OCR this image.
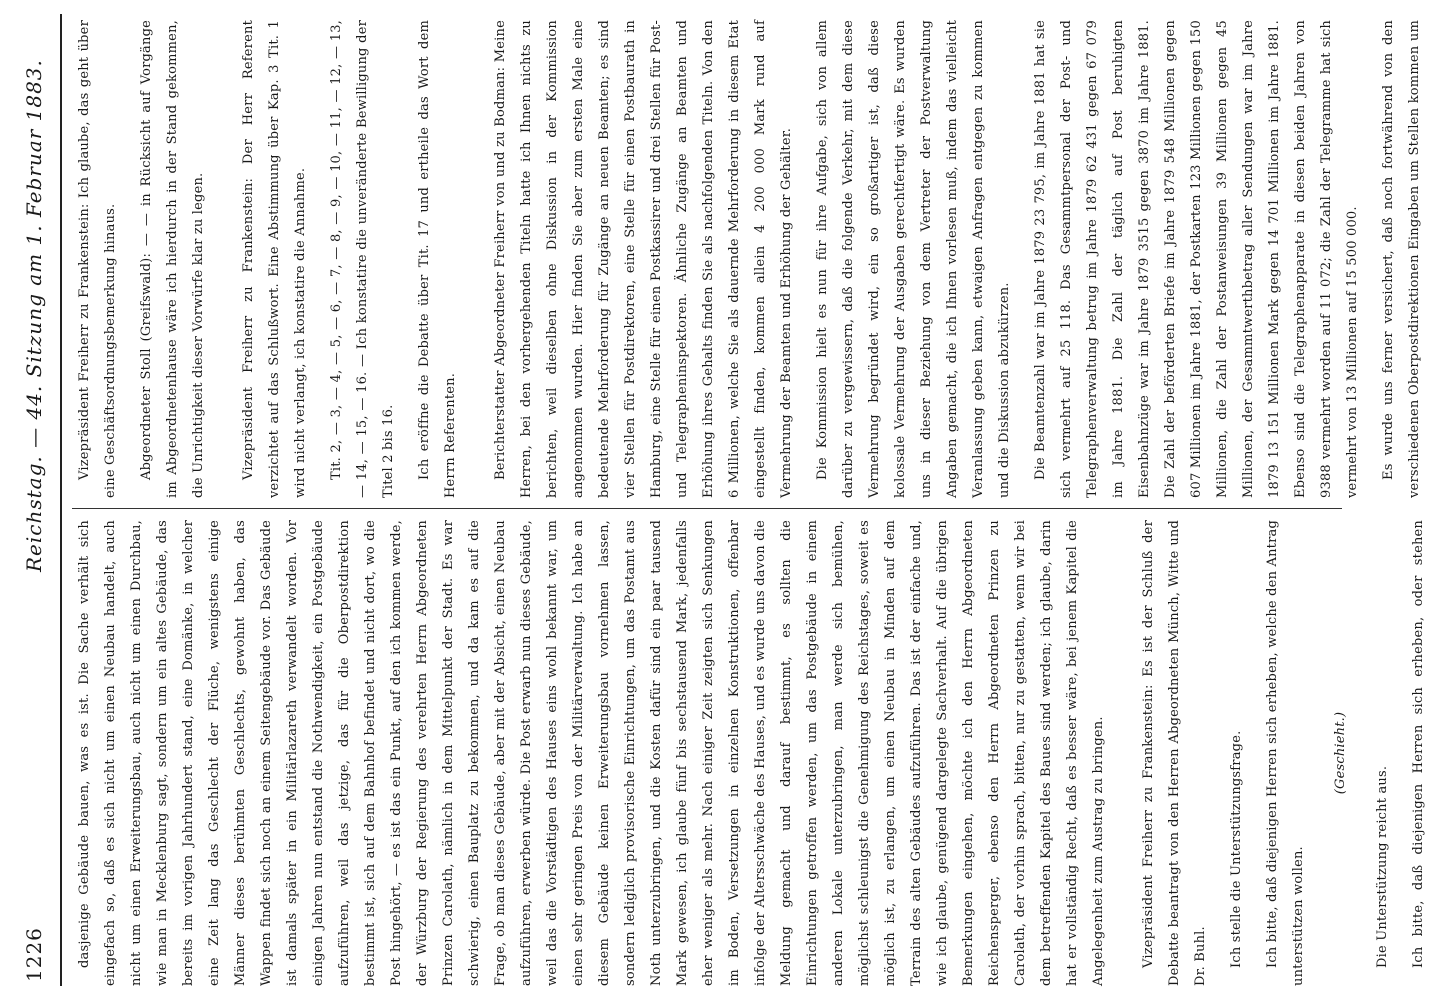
1226
Reichstag. — 44. Sitzung am 1. Februar 1883.

dasjenige Gebäude bauen, was es ist. Die Sache verhält sich eingefach so, daß es sich nicht um einen Neubau handelt, auch nicht um einen Erweiterungsbau, auch nicht um einen Durchbau, wie man in Mecklenburg sagt, sondern um ein altes Gebäude, das bereits im vorigen Jahrhundert stand, eine Domänke, in welcher eine Zeit lang das Geschlecht der Flüche, wenigstens einige Männer dieses berühmten Geschlechts, gewohnt haben, das Wappen findet sich noch an einem Seitengebäude vor. Das Gebäude ist damals später in ein Militärlazareth verwandelt worden. Vor einigen Jahren nun entstand die Nothwendigkeit, ein Postgebäude aufzuführen, weil das jetzige, das für die Oberpostdirektion bestimmt ist, sich auf dem Bahnhof befindet und nicht dort, wo die Post hingehört, — es ist das ein Punkt, auf den ich kommen werde, der Würzburg der Regierung des verehrten Herrn Abgeordneten Prinzen Carolath, nämlich in dem Mittelpunkt der Stadt. Es war schwierig, einen Bauplatz zu bekommen, und da kam es auf die Frage, ob man dieses Gebäude, aber mit der Absicht, einen Neubau aufzuführen, erwerben würde. Die Post erwarb nun dieses Gebäude, weil das die Vorstädtigen des Hauses eins wohl bekannt war, um einen sehr geringen Preis von der Militärverwaltung. Ich habe an diesem Gebäude keinen Erweiterungsbau vornehmen lassen, sondern lediglich provisorische Einrichtungen, um das Postamt aus Noth unterzubringen, und die Kosten dafür sind ein paar tausend Mark gewesen, ich glaube fünf bis sechstausend Mark, jedenfalls eher weniger als mehr. Nach einiger Zeit zeigten sich Senkungen im Boden, Versetzungen in einzelnen Konstruktionen, offenbar infolge der Altersschwäche des Hauses, und es wurde uns davon die Meldung gemacht und darauf bestimmt, es sollten die Einrichtungen getroffen werden, um das Postgebäude in einem anderen Lokale unterzubringen, man werde sich bemühen, möglichst schleunigst die Genehmigung des Reichstages, soweit es möglich ist, zu erlangen, um einen Neubau in Minden auf dem Terrain des alten Gebäudes aufzuführen. Das ist der einfache und, wie ich glaube, genügend dargelegte Sachverhalt. Auf die übrigen Bemerkungen eingehen, möchte ich den Herrn Abgeordneten Reichensperger, ebenso den Herrn Abgeordneten Prinzen zu Carolath, der vorhin sprach, bitten, nur zu gestatten, wenn wir bei dem betreffenden Kapitel des Baues sind werden; ich glaube, darin hat er vollständig Recht, daß es besser wäre, bei jenem Kapitel die Angelegenheit zum Austrag zu bringen.	Vizepräsident Freiherr zu Frankenstein: Es ist der Schluß der Debatte beantragt von den Herren Abgeordneten Münch, Witte und Dr. Buhl.	Ich stelle die Unterstützungsfrage.	Ich bitte, daß diejenigen Herren sich erheben, welche den Antrag unterstützen wollen.

(Geschieht.)

Die Unterstützung reicht aus.	Ich bitte, daß diejenigen Herren sich erheben, oder stehen

Vizepräsident Freiherr zu Frankenstein: Ich glaube, das geht über eine Geschäftsordnungsbemerkung hinaus.	Abgeordneter Stoll (Greifswald): — — in Rücksicht auf Vorgänge im Abgeordnetenhause wäre ich hierdurch in der Stand gekommen, die Unrichtigkeit dieser Vorwürfe klar zu legen.	Vizepräsident Freiherr zu Frankenstein: Der Herr Referent verzichtet auf das Schlußwort. Eine Abstimmung über Kap. 3 Tit. 1 wird nicht verlangt, ich konstatire die Annahme.	Tit. 2, — 3, — 4, — 5, — 6, — 7, — 8, — 9, — 10, — 11, — 12, — 13, — 14, — 15, — 16. — Ich konstatire die unveränderte Bewilligung der Titel 2 bis 16.	Ich eröffne die Debatte über Tit. 17 und ertheile das Wort dem Herrn Referenten.	Berichterstatter Abgeordneter Freiherr von und zu Bodman: Meine Herren, bei den vorhergehenden Titeln hatte ich Ihnen nichts zu berichten, weil dieselben ohne Diskussion in der Kommission angenommen wurden. Hier finden Sie aber zum ersten Male eine bedeutende Mehrforderung für Zugänge an neuen Beamten; es sind vier Stellen für Postdirektoren, eine Stelle für einen Postbaurath in Hamburg, eine Stelle für einen Postkassirer und drei Stellen für Post- und Telegrapheninspektoren. Ähnliche Zugänge an Beamten und Erhöhung ihres Gehalts finden Sie als nachfolgenden Titeln. Von den 6 Millionen, welche Sie als dauernde Mehrforderung in diesem Etat eingestellt finden, kommen allein 4 200 000 Mark rund auf Vermehrung der Beamten und Erhöhung der Gehälter.	Die Kommission hielt es nun für ihre Aufgabe, sich von allem darüber zu vergewissern, daß die folgende Verkehr, mit dem diese Vermehrung begründet wird, ein so großartiger ist, daß diese kolossale Vermehrung der Ausgaben gerechtfertigt wäre. Es wurden uns in dieser Beziehung von dem Vertreter der Postverwaltung Angaben gemacht, die ich Ihnen vorlesen muß, indem das vielleicht Veranlassung geben kann, etwaigen Anfragen entgegen zu kommen und die Diskussion abzukürzen.	Die Beamtenzahl war im Jahre 1879 23 795, im Jahre 1881 hat sie sich vermehrt auf 25 118. Das Gesammtpersonal der Post- und Telegraphenverwaltung betrug im Jahre 1879 62 431 gegen 67 079 im Jahre 1881. Die Zahl der täglich auf Post beruhigten Eisenbahnzüge war im Jahre 1879 3515 gegen 3870 im Jahre 1881. Die Zahl der beförderten Briefe im Jahre 1879 548 Millionen gegen 607 Millionen im Jahre 1881, der Postkarten 123 Millionen gegen 150 Millionen, die Zahl der Postanweisungen 39 Millionen gegen 45 Millionen, der Gesammtwerthbetrag aller Sendungen war im Jahre 1879 13 151 Millionen Mark gegen 14 701 Millionen im Jahre 1881. Ebenso sind die Telegraphenapparate in diesen beiden Jahren von 9388 vermehrt worden auf 11 072; die Zahl der Telegramme hat sich vermehrt von 13 Millionen auf 15 500 000.	Es wurde uns ferner versichert, daß noch fortwährend von den verschiedenen Oberpostdirektionen Eingaben um Stellen kommen um
